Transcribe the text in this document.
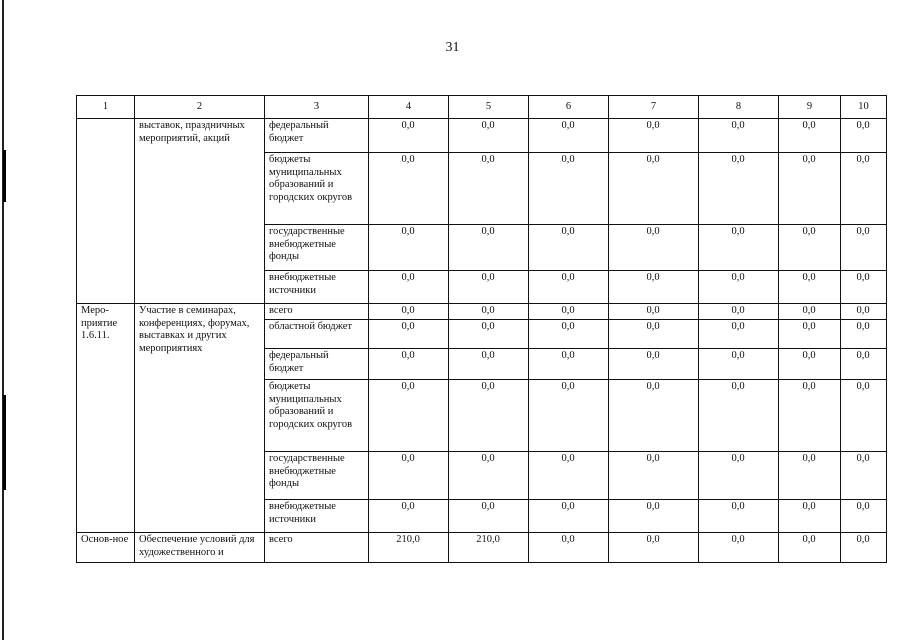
31
1	2	3	4	5	6	7	8	9	10
	выставок, праздничных мероприятий, акций	федеральный бюджет	0,0	0,0	0,0	0,0	0,0	0,0	0,0
		бюджеты муниципальных образований и городских округов	0,0	0,0	0,0	0,0	0,0	0,0	0,0
		государственные внебюджетные фонды	0,0	0,0	0,0	0,0	0,0	0,0	0,0
		внебюджетные источники	0,0	0,0	0,0	0,0	0,0	0,0	0,0
Меро-приятие 1.6.11.	Участие в семинарах, конференциях, форумах, выставках и других мероприятиях	всего	0,0	0,0	0,0	0,0	0,0	0,0	0,0
		областной бюджет	0,0	0,0	0,0	0,0	0,0	0,0	0,0
		федеральный бюджет	0,0	0,0	0,0	0,0	0,0	0,0	0,0
		бюджеты муниципальных образований и городских округов	0,0	0,0	0,0	0,0	0,0	0,0	0,0
		государственные внебюджетные фонды	0,0	0,0	0,0	0,0	0,0	0,0	0,0
		внебюджетные источники	0,0	0,0	0,0	0,0	0,0	0,0	0,0
Основ-ное	Обеспечение условий для художественного и	всего	210,0	210,0	0,0	0,0	0,0	0,0	0,0
